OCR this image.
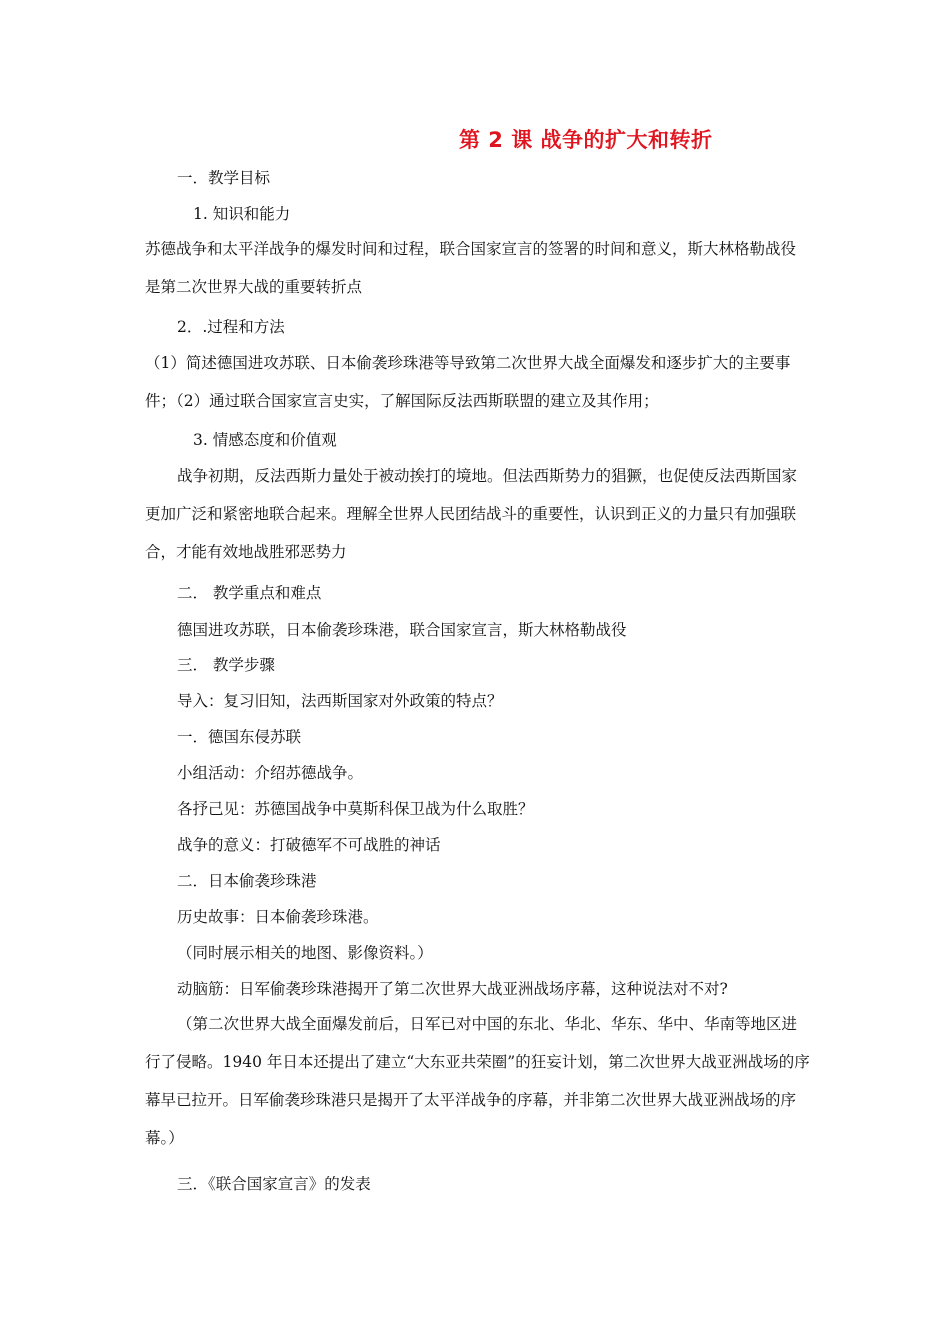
第 2 课 战争的扩大和转折
一．教学目标
1. 知识和能力
苏德战争和太平洋战争的爆发时间和过程，联合国家宣言的签署的时间和意义，斯大林格勒战役是第二次世界大战的重要转折点
2．.过程和方法
（1）简述德国进攻苏联、日本偷袭珍珠港等导致第二次世界大战全面爆发和逐步扩大的主要事件；（2）通过联合国家宣言史实，了解国际反法西斯联盟的建立及其作用；
3. 情感态度和价值观
战争初期，反法西斯力量处于被动挨打的境地。但法西斯势力的猖獗，也促使反法西斯国家更加广泛和紧密地联合起来。理解全世界人民团结战斗的重要性，认识到正义的力量只有加强联合，才能有效地战胜邪恶势力
二． 教学重点和难点
德国进攻苏联，日本偷袭珍珠港，联合国家宣言，斯大林格勒战役
三． 教学步骤
导入：复习旧知，法西斯国家对外政策的特点？
一．德国东侵苏联
小组活动：介绍苏德战争。
各抒己见：苏德国战争中莫斯科保卫战为什么取胜？
战争的意义：打破德军不可战胜的神话
二．日本偷袭珍珠港
历史故事：日本偷袭珍珠港。
（同时展示相关的地图、影像资料。）
动脑筋：日军偷袭珍珠港揭开了第二次世界大战亚洲战场序幕，这种说法对不对?
（第二次世界大战全面爆发前后，日军已对中国的东北、华北、华东、华中、华南等地区进行了侵略。1940 年日本还提出了建立“大东亚共荣圈”的狂妄计划，第二次世界大战亚洲战场的序幕早已拉开。日军偷袭珍珠港只是揭开了太平洋战争的序幕，并非第二次世界大战亚洲战场的序幕。）
三．《联合国家宣言》的发表
